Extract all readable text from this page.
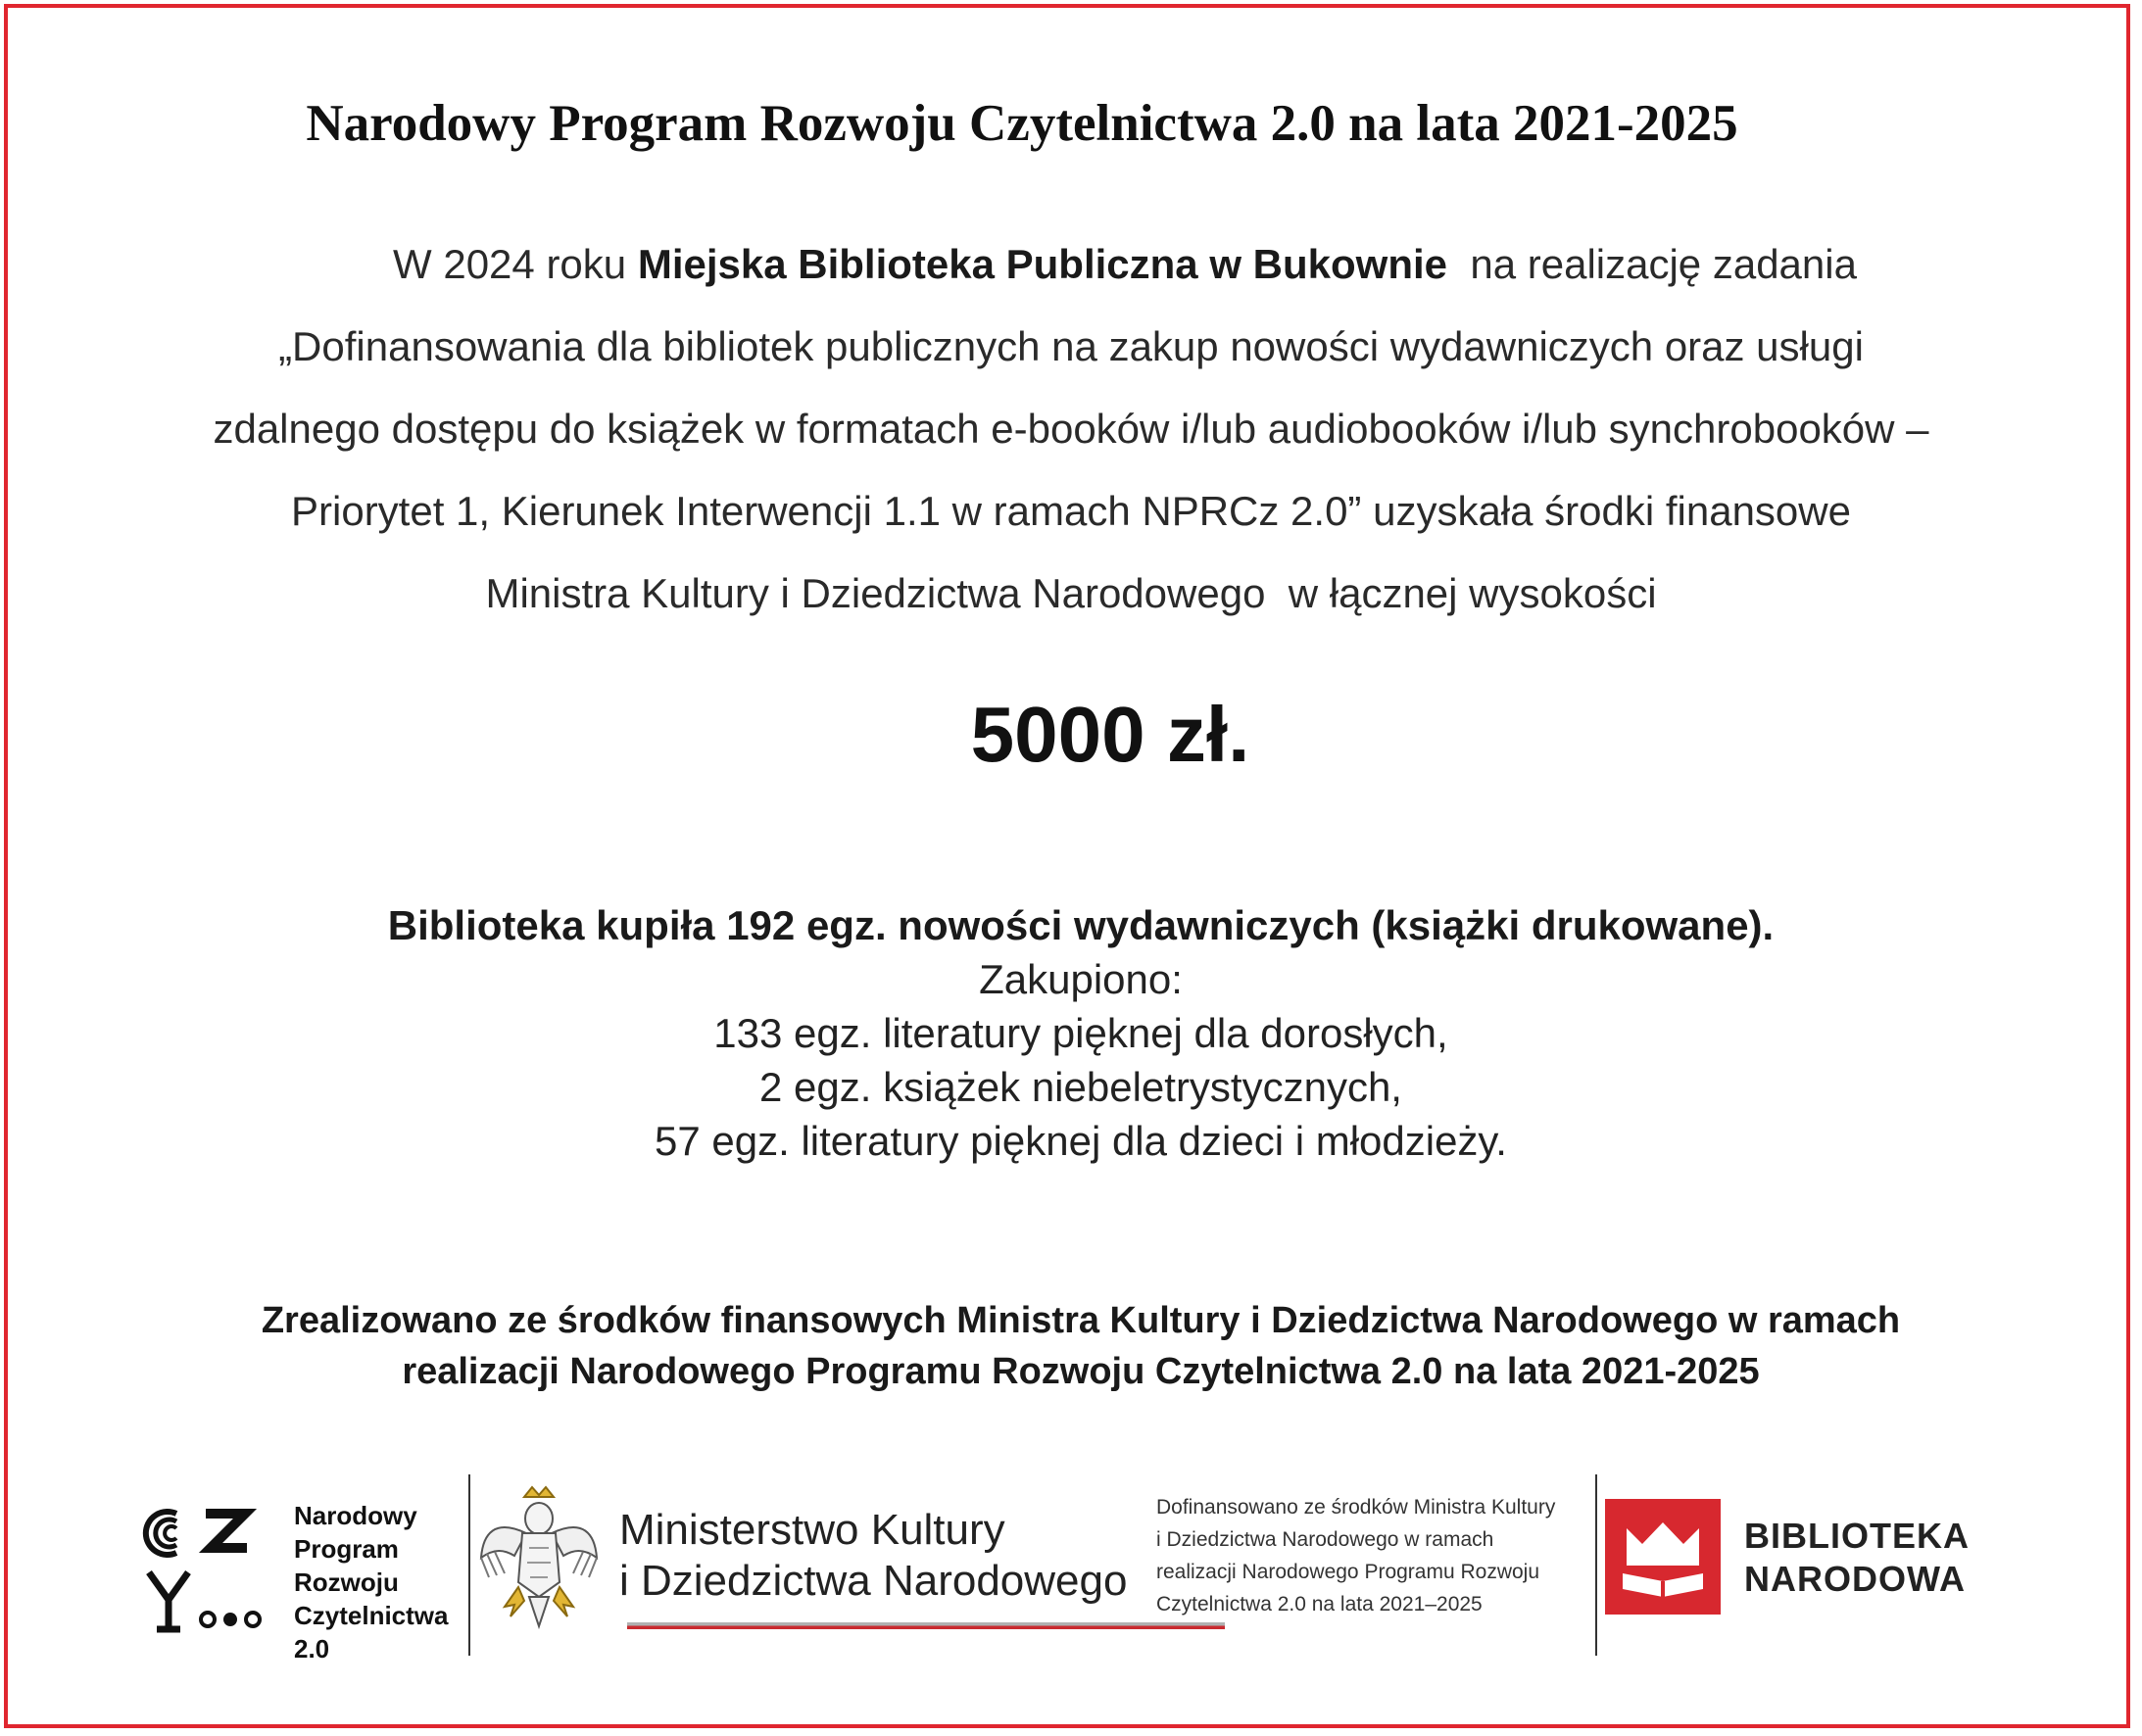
Narodowy Program Rozwoju Czytelnictwa 2.0 na lata 2021-2025
W 2024 roku Miejska Biblioteka Publiczna w Bukownie  na realizację zadania
„Dofinansowania dla bibliotek publicznych na zakup nowości wydawniczych oraz usługi
zdalnego dostępu do książek w formatach e-booków i/lub audiobooków i/lub synchrobooków –
Priorytet 1, Kierunek Interwencji 1.1 w ramach NPRCz 2.0” uzyskała środki finansowe
Ministra Kultury i Dziedzictwa Narodowego  w łącznej wysokości
5000 zł.
Biblioteka kupiła 192 egz. nowości wydawniczych (książki drukowane).
Zakupiono:
133 egz. literatury pięknej dla dorosłych,
2 egz. książek niebeletrystycznych,
57 egz. literatury pięknej dla dzieci i młodzieży.
Zrealizowano ze środków finansowych Ministra Kultury i Dziedzictwa Narodowego w ramach
realizacji Narodowego Programu Rozwoju Czytelnictwa 2.0 na lata 2021-2025
Narodowy
Program
Rozwoju
Czytelnictwa
2.0
Ministerstwo Kultury
i Dziedzictwa Narodowego
Dofinansowano ze środków Ministra Kultury
i Dziedzictwa Narodowego w ramach
realizacji Narodowego Programu Rozwoju
Czytelnictwa 2.0 na lata 2021–2025
BIBLIOTEKA
NARODOWA
